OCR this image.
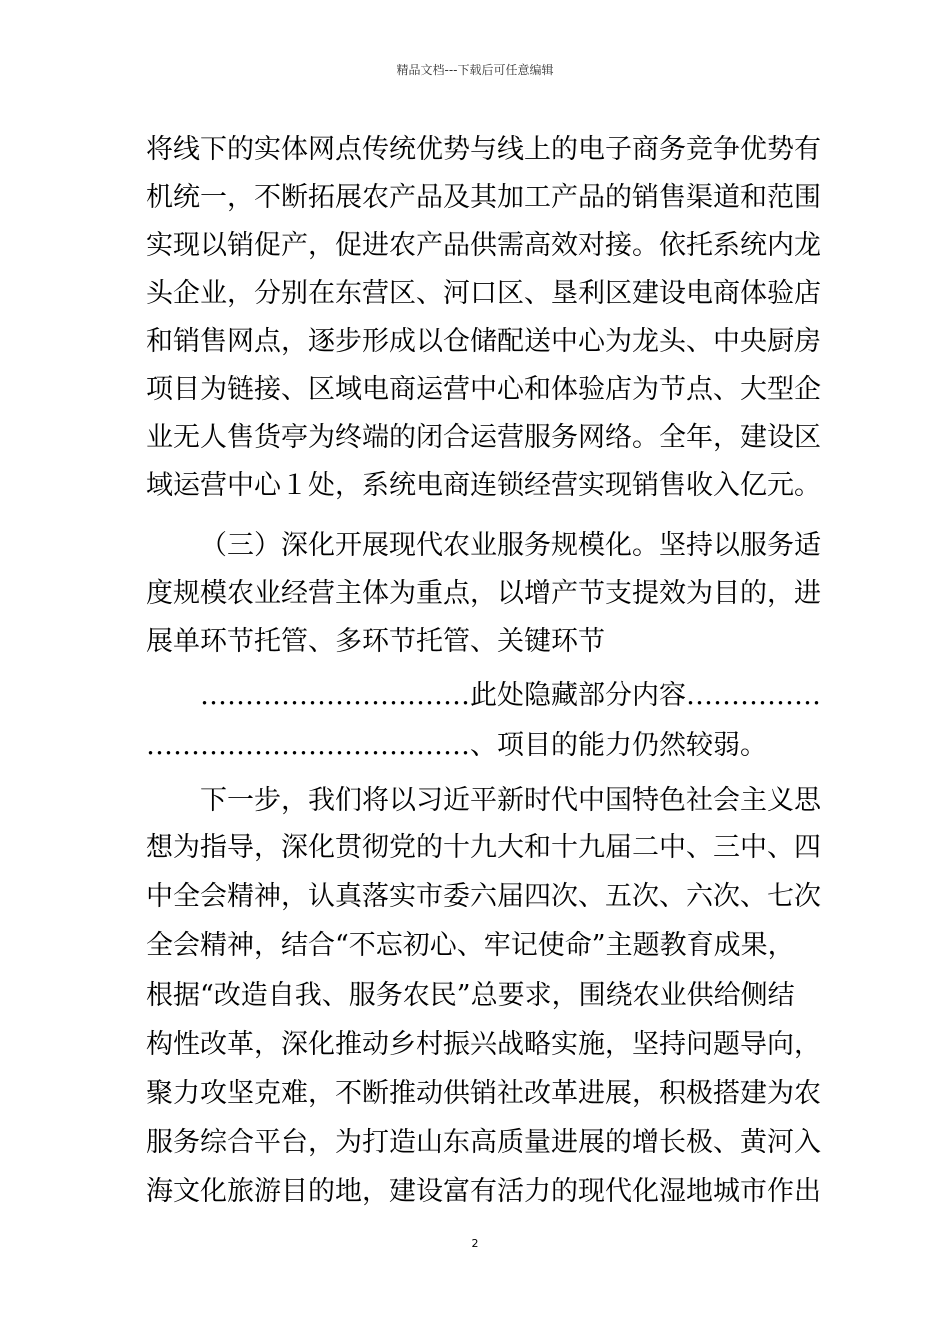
精品文档---下载后可任意编辑
将线下的实体网点传统优势与线上的电子商务竞争优势有
机统一，不断拓展农产品及其加工产品的销售渠道和范围
实现以销促产，促进农产品供需高效对接。依托系统内龙
头企业，分别在东营区、河口区、垦利区建设电商体验店
和销售网点，逐步形成以仓储配送中心为龙头、中央厨房
项目为链接、区域电商运营中心和体验店为节点、大型企
业无人售货亭为终端的闭合运营服务网络。全年，建设区
域运营中心１处，系统电商连锁经营实现销售收入亿元。
（三）深化开展现代农业服务规模化。坚持以服务适
度规模农业经营主体为重点，以增产节支提效为目的，进
展单环节托管、多环节托管、关键环节
…………………………此处隐藏部分内容……………
………………………………、项目的能力仍然较弱。
下一步，我们将以习近平新时代中国特色社会主义思
想为指导，深化贯彻党的十九大和十九届二中、三中、四
中全会精神，认真落实市委六届四次、五次、六次、七次
全会精神，结合“不忘初心、牢记使命”主题教育成果，
根据“改造自我、服务农民”总要求，围绕农业供给侧结
构性改革，深化推动乡村振兴战略实施，坚持问题导向，
聚力攻坚克难，不断推动供销社改革进展，积极搭建为农
服务综合平台，为打造山东高质量进展的增长极、黄河入
海文化旅游目的地，建设富有活力的现代化湿地城市作出
2
